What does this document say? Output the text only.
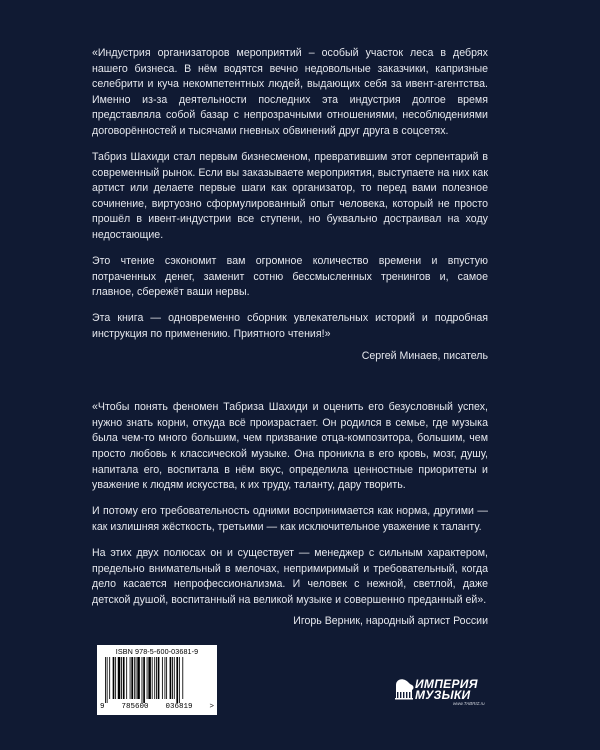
«Индустрия организаторов мероприятий – особый участок леса в дебрях нашего бизнеса. В нём водятся вечно недовольные заказчики, капризные селебрити и куча некомпетентных людей, выдающих себя за ивент-агентства. Именно из-за деятельности последних эта индустрия долгое время представляла собой базар с непрозрачными отношениями, несоблюдениями договорённостей и тысячами гневных обвинений друг друга в соцсетях.

Табриз Шахиди стал первым бизнесменом, превратившим этот серпентарий в современный рынок. Если вы заказываете мероприятия, выступаете на них как артист или делаете первые шаги как организатор, то перед вами полезное сочинение, виртуозно сформулированный опыт человека, который не просто прошёл в ивент-индустрии все ступени, но буквально достраивал на ходу недостающие.

Это чтение сэкономит вам огромное количество времени и впустую потраченных денег, заменит сотню бессмысленных тренингов и, самое главное, сбережёт ваши нервы.

Эта книга — одновременно сборник увлекательных историй и подробная инструкция по применению. Приятного чтения!»

Сергей Минаев, писатель

«Чтобы понять феномен Табриза Шахиди и оценить его безусловный успех, нужно знать корни, откуда всё произрастает. Он родился в семье, где музыка была чем-то много большим, чем призвание отца-композитора, большим, чем просто любовь к классической музыке. Она проникла в его кровь, мозг, душу, напитала его, воспитала в нём вкус, определила ценностные приоритеты и уважение к людям искусства, к их труду, таланту, дару творить.

И потому его требовательность одними воспринимается как норма, другими — как излишняя жёсткость, третьими — как исключительное уважение к таланту.

На этих двух полюсах он и существует — менеджер с сильным характером, предельно внимательный в мелочах, непримиримый и требовательный, когда дело касается непрофессионализма. И человек с нежной, светлой, даже детской душой, воспитанный на великой музыке и совершенно преданный ей».

Игорь Верник, народный артист России

ISBN 978-5-600-03681-9
9 785600 036819 >
ИМПЕРИЯ
МУЗЫКИ
www.TABRIZ.ru
